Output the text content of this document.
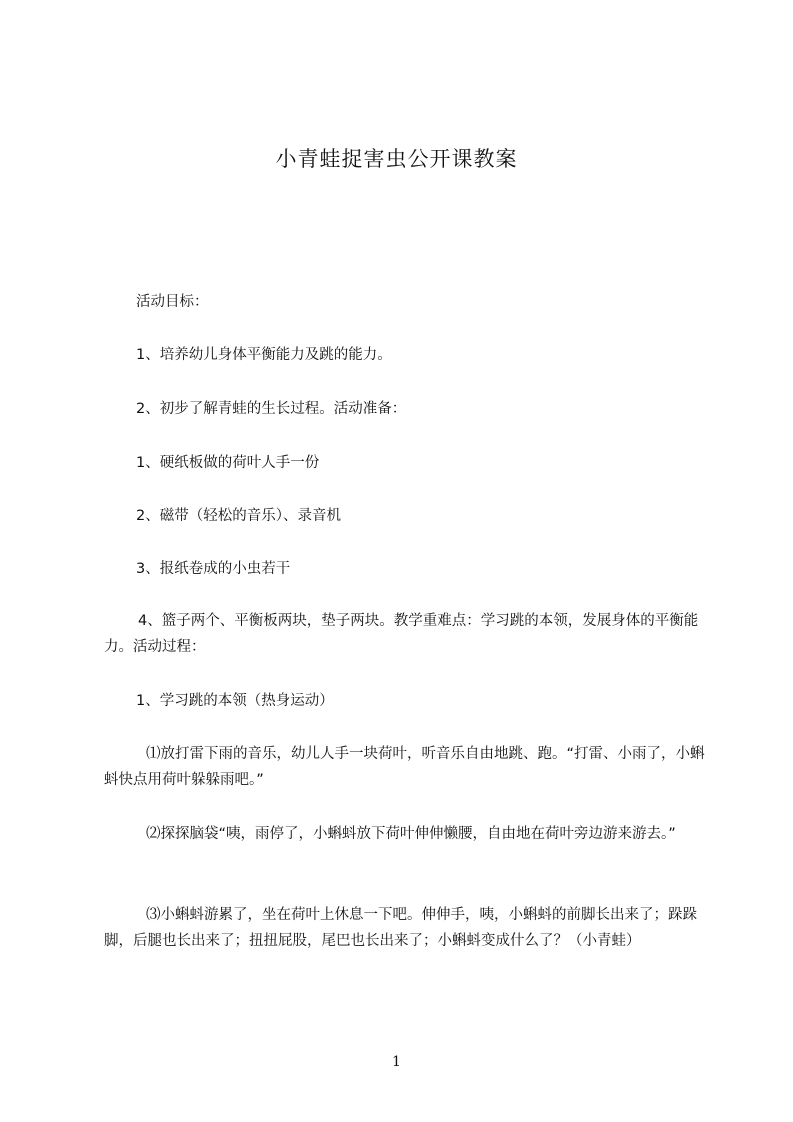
小青蛙捉害虫公开课教案

活动目标：

1、培养幼儿身体平衡能力及跳的能力。

2、初步了解青蛙的生长过程。活动准备：

1、硬纸板做的荷叶人手一份

2、磁带（轻松的音乐）、录音机

3、报纸卷成的小虫若干

4、篮子两个、平衡板两块，垫子两块。教学重难点：学习跳的本领，发展身体的平衡能力。活动过程：

1、学习跳的本领（热身运动）

⑴放打雷下雨的音乐，幼儿人手一块荷叶，听音乐自由地跳、跑。“打雷、小雨了，小蝌蚪快点用荷叶躲躲雨吧。”

⑵探探脑袋“咦，雨停了，小蝌蚪放下荷叶伸伸懒腰，自由地在荷叶旁边游来游去。”

⑶小蝌蚪游累了，坐在荷叶上休息一下吧。伸伸手，咦，小蝌蚪的前脚长出来了；跺跺脚，后腿也长出来了；扭扭屁股，尾巴也长出来了；小蝌蚪变成什么了？（小青蛙）

1
